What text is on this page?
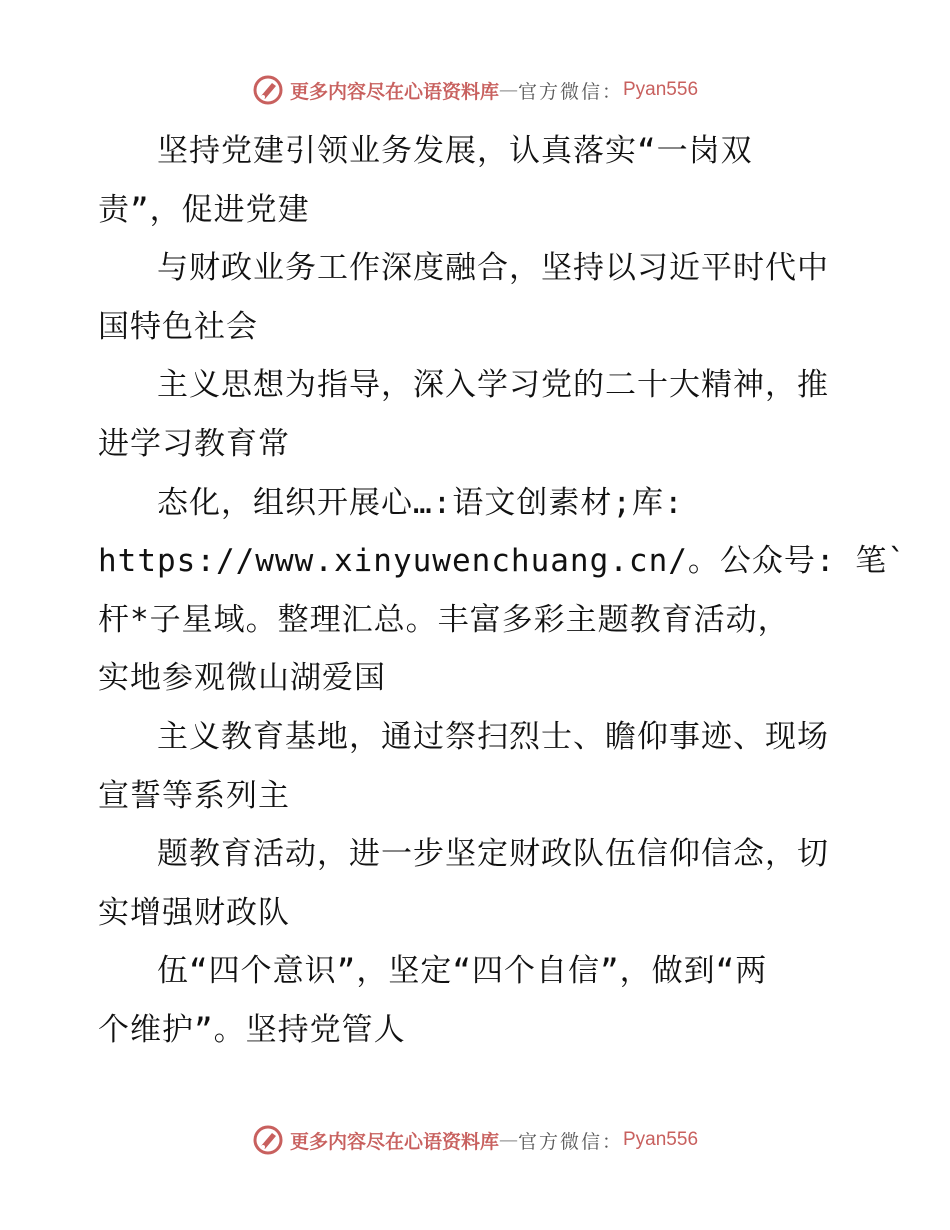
更多内容尽在心语资料库 — 官方微信： Pyan556
坚持党建引领业务发展，认真落实“一岗双
责”，促进党建
与财政业务工作深度融合，坚持以习近平时代中
国特色社会
主义思想为指导，深入学习党的二十大精神，推
进学习教育常
态化，组织开展心…:语文创素材;库:
https://www.xinyuwenchuang.cn/。公众号: 笔`
杆*子星域。整理汇总。丰富多彩主题教育活动，
实地参观微山湖爱国
主义教育基地，通过祭扫烈士、瞻仰事迹、现场
宣誓等系列主
题教育活动，进一步坚定财政队伍信仰信念，切
实增强财政队
伍“四个意识”，坚定“四个自信”，做到“两
个维护”。坚持党管人
更多内容尽在心语资料库 — 官方微信： Pyan556
